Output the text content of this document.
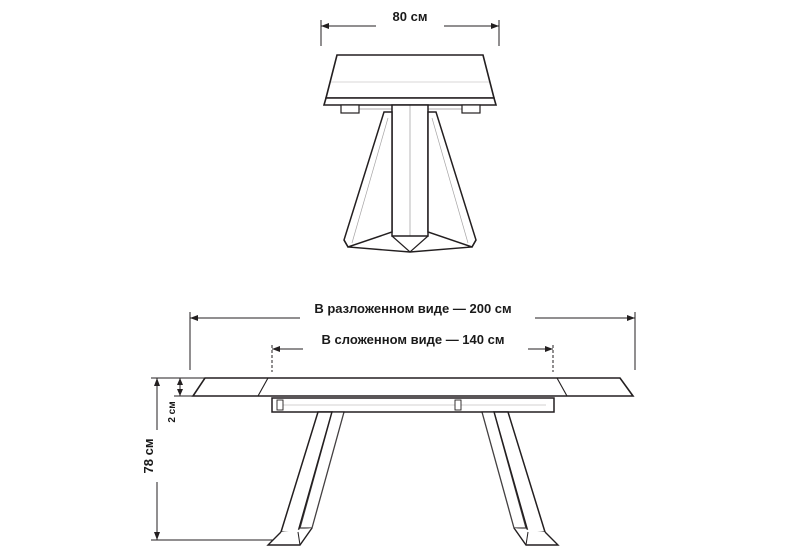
80 см
В разложенном виде — 200 см
В сложенном виде — 140 см
78 см
2 см
